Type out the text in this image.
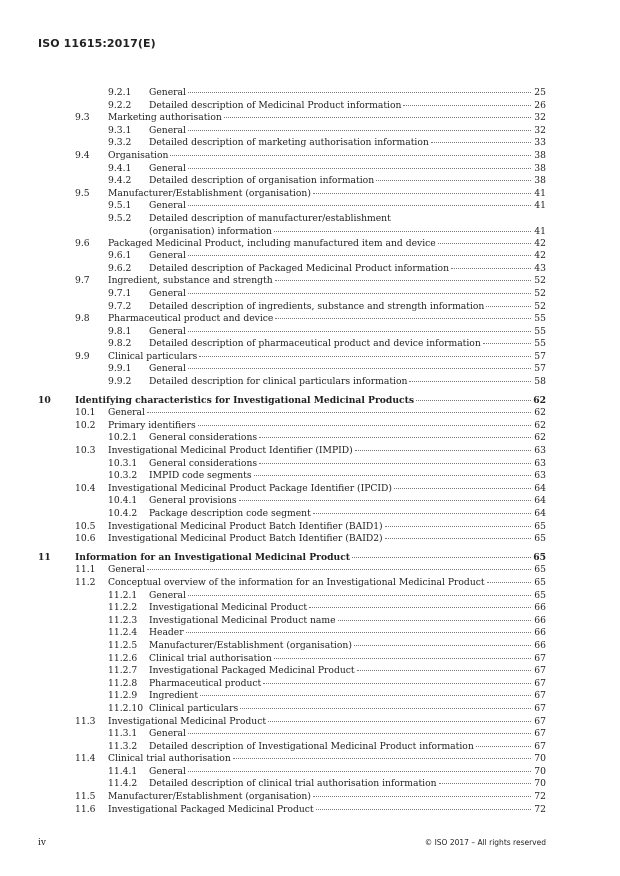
ISO 11615:2017(E)
9.2.1 General	25
9.2.2 Detailed description of Medicinal Product information	26
9.3 Marketing authorisation	32
9.3.1 General	32
9.3.2 Detailed description of marketing authorisation information	33
9.4 Organisation	38
9.4.1 General	38
9.4.2 Detailed description of organisation information	38
9.5 Manufacturer/Establishment (organisation)	41
9.5.1 General	41
9.5.2 Detailed description of manufacturer/establishment
(organisation) information	41
9.6 Packaged Medicinal Product, including manufactured item and device	42
9.6.1 General	42
9.6.2 Detailed description of Packaged Medicinal Product information	43
9.7 Ingredient, substance and strength	52
9.7.1 General	52
9.7.2 Detailed description of ingredients, substance and strength information	52
9.8 Pharmaceutical product and device	55
9.8.1 General	55
9.8.2 Detailed description of pharmaceutical product and device information	55
9.9 Clinical particulars	57
9.9.1 General	57
9.9.2 Detailed description for clinical particulars information	58
10	Identifying characteristics for Investigational Medicinal Products	62
10.1 General	62
10.2 Primary identifiers	62
10.2.1 General considerations	62
10.3 Investigational Medicinal Product Identifier (IMPID)	63
10.3.1 General considerations	63
10.3.2 IMPID code segments	63
10.4 Investigational Medicinal Product Package Identifier (IPCID)	64
10.4.1 General provisions	64
10.4.2 Package description code segment	64
10.5 Investigational Medicinal Product Batch Identifier (BAID1)	65
10.6 Investigational Medicinal Product Batch Identifier (BAID2)	65
11	Information for an Investigational Medicinal Product	65
11.1 General	65
11.2 Conceptual overview of the information for an Investigational Medicinal Product	65
11.2.1 General	65
11.2.2 Investigational Medicinal Product	66
11.2.3 Investigational Medicinal Product name	66
11.2.4 Header	66
11.2.5 Manufacturer/Establishment (organisation)	66
11.2.6 Clinical trial authorisation	67
11.2.7 Investigational Packaged Medicinal Product	67
11.2.8 Pharmaceutical product	67
11.2.9 Ingredient	67
11.2.10 Clinical particulars	67
11.3 Investigational Medicinal Product	67
11.3.1 General	67
11.3.2 Detailed description of Investigational Medicinal Product information	67
11.4 Clinical trial authorisation	70
11.4.1 General	70
11.4.2 Detailed description of clinical trial authorisation information	70
11.5 Manufacturer/Establishment (organisation)	72
11.6 Investigational Packaged Medicinal Product	72
iv	© ISO 2017 – All rights reserved
